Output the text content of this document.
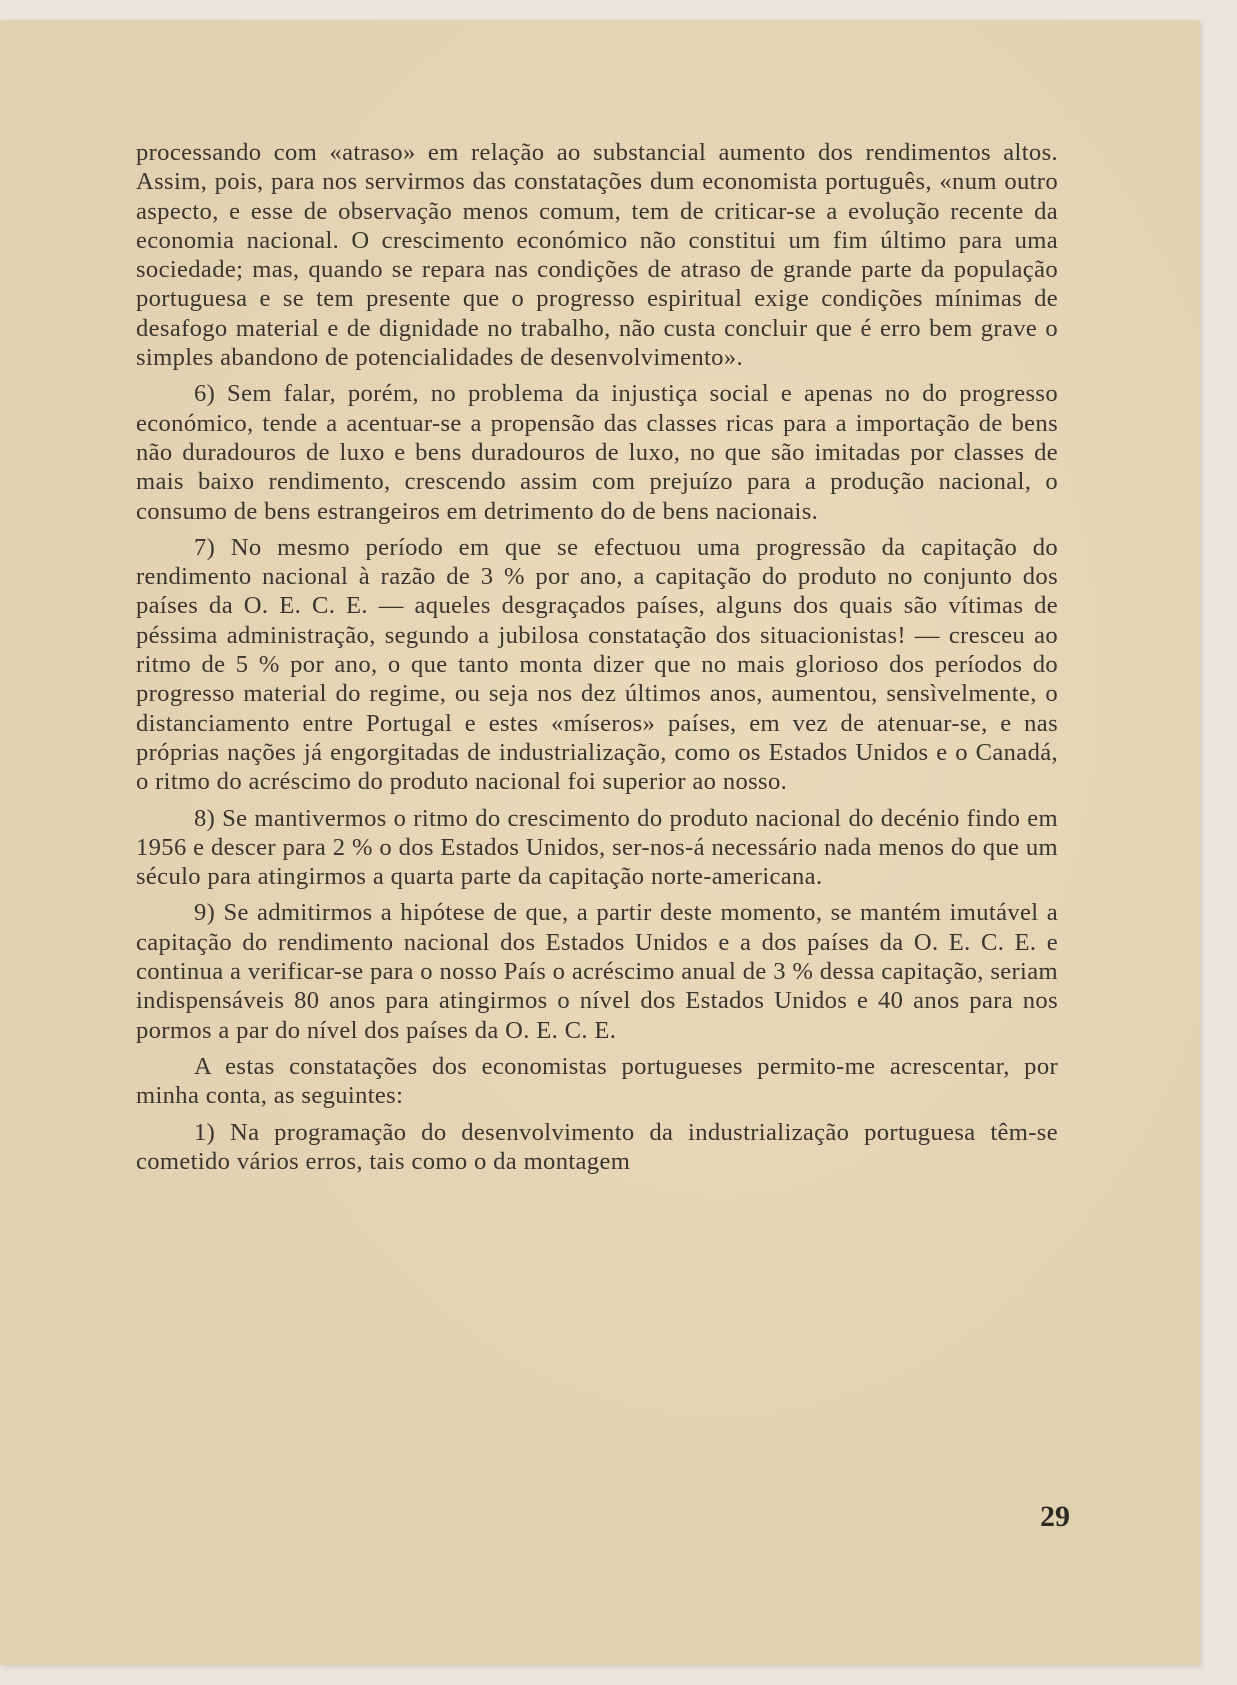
processando com «atraso» em relação ao substancial aumento dos rendimentos altos. Assim, pois, para nos servirmos das constatações dum economista português, «num outro aspecto, e esse de observação menos comum, tem de criticar-se a evolução recente da economia nacional. O crescimento económico não constitui um fim último para uma sociedade; mas, quando se repara nas condições de atraso de grande parte da população portuguesa e se tem presente que o progresso espiritual exige condições mínimas de desafogo material e de dignidade no trabalho, não custa concluir que é erro bem grave o simples abandono de potencialidades de desenvolvimento».

6) Sem falar, porém, no problema da injustiça social e apenas no do progresso económico, tende a acentuar-se a propensão das classes ricas para a importação de bens não duradouros de luxo e bens duradouros de luxo, no que são imitadas por classes de mais baixo rendimento, crescendo assim com prejuízo para a produção nacional, o consumo de bens estrangeiros em detrimento do de bens nacionais.

7) No mesmo período em que se efectuou uma progressão da capitação do rendimento nacional à razão de 3 % por ano, a capitação do produto no conjunto dos países da O. E. C. E. — aqueles desgraçados países, alguns dos quais são vítimas de péssima administração, segundo a jubilosa constatação dos situacionistas! — cresceu ao ritmo de 5 % por ano, o que tanto monta dizer que no mais glorioso dos períodos do progresso material do regime, ou seja nos dez últimos anos, aumentou, sensìvelmente, o distanciamento entre Portugal e estes «míseros» países, em vez de atenuar-se, e nas próprias nações já engorgitadas de industrialização, como os Estados Unidos e o Canadá, o ritmo do acréscimo do produto nacional foi superior ao nosso.

8) Se mantivermos o ritmo do crescimento do produto nacional do decénio findo em 1956 e descer para 2 % o dos Estados Unidos, ser-nos-á necessário nada menos do que um século para atingirmos a quarta parte da capitação norte-americana.

9) Se admitirmos a hipótese de que, a partir deste momento, se mantém imutável a capitação do rendimento nacional dos Estados Unidos e a dos países da O. E. C. E. e continua a verificar-se para o nosso País o acréscimo anual de 3 % dessa capitação, seriam indispensáveis 80 anos para atingirmos o nível dos Estados Unidos e 40 anos para nos pormos a par do nível dos países da O. E. C. E.

A estas constatações dos economistas portugueses permito-me acrescentar, por minha conta, as seguintes:

1) Na programação do desenvolvimento da industrialização portuguesa têm-se cometido vários erros, tais como o da montagem

29
